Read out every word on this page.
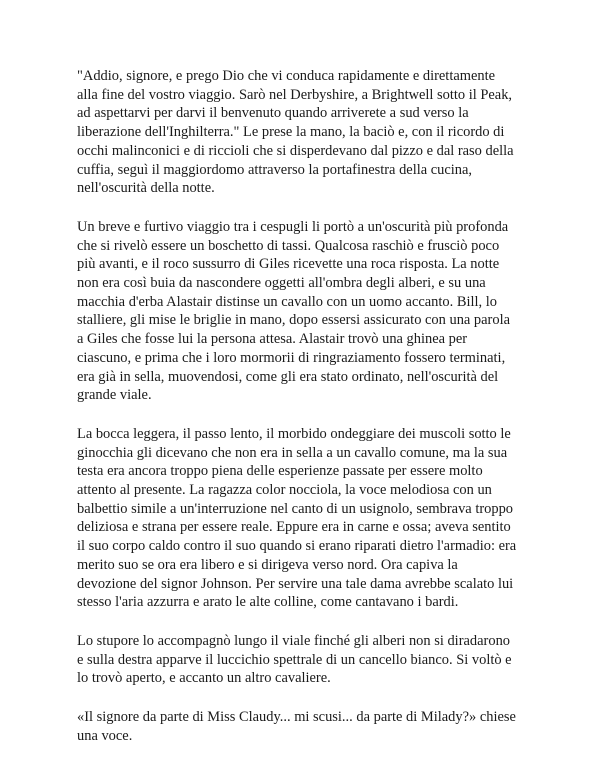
"Addio, signore, e prego Dio che vi conduca rapidamente e direttamente
alla fine del vostro viaggio. Sarò nel Derbyshire, a Brightwell sotto il Peak,
ad aspettarvi per darvi il benvenuto quando arriverete a sud verso la
liberazione dell'Inghilterra." Le prese la mano, la baciò e, con il ricordo di
occhi malinconici e di riccioli che si disperdevano dal pizzo e dal raso della
cuffia, seguì il maggiordomo attraverso la portafinestra della cucina,
nell'oscurità della notte.

Un breve e furtivo viaggio tra i cespugli li portò a un'oscurità più profonda
che si rivelò essere un boschetto di tassi. Qualcosa raschiò e frusciò poco
più avanti, e il roco sussurro di Giles ricevette una roca risposta. La notte
non era così buia da nascondere oggetti all'ombra degli alberi, e su una
macchia d'erba Alastair distinse un cavallo con un uomo accanto. Bill, lo
stalliere, gli mise le briglie in mano, dopo essersi assicurato con una parola
a Giles che fosse lui la persona attesa. Alastair trovò una ghinea per
ciascuno, e prima che i loro mormorii di ringraziamento fossero terminati,
era già in sella, muovendosi, come gli era stato ordinato, nell'oscurità del
grande viale.

La bocca leggera, il passo lento, il morbido ondeggiare dei muscoli sotto le
ginocchia gli dicevano che non era in sella a un cavallo comune, ma la sua
testa era ancora troppo piena delle esperienze passate per essere molto
attento al presente. La ragazza color nocciola, la voce melodiosa con un
balbettio simile a un'interruzione nel canto di un usignolo, sembrava troppo
deliziosa e strana per essere reale. Eppure era in carne e ossa; aveva sentito
il suo corpo caldo contro il suo quando si erano riparati dietro l'armadio: era
merito suo se ora era libero e si dirigeva verso nord. Ora capiva la
devozione del signor Johnson. Per servire una tale dama avrebbe scalato lui
stesso l'aria azzurra e arato le alte colline, come cantavano i bardi.

Lo stupore lo accompagnò lungo il viale finché gli alberi non si diradarono
e sulla destra apparve il luccichio spettrale di un cancello bianco. Si voltò e
lo trovò aperto, e accanto un altro cavaliere.

«Il signore da parte di Miss Claudy... mi scusi... da parte di Milady?» chiese
una voce.
